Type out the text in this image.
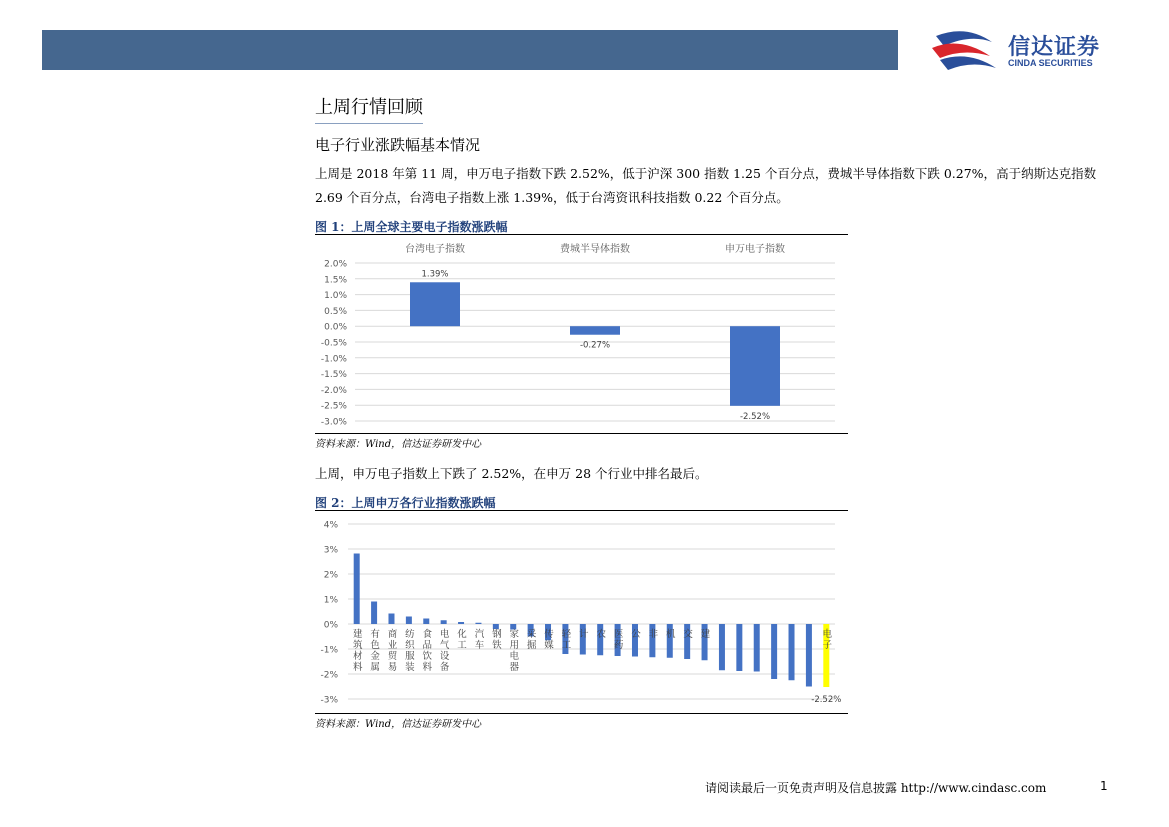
信达证券
CINDA SECURITIES
上周行情回顾
电子行业涨跌幅基本情况
上周是 2018 年第 11 周，申万电子指数下跌 2.52%，低于沪深 300 指数 1.25 个百分点，费城半导体指数下跌 0.27%，高于纳斯达克指数 2.69 个百分点，台湾电子指数上涨 1.39%，低于台湾资讯科技指数 0.22 个百分点。
图 1：上周全球主要电子指数涨跌幅
2.0%
1.5%
1.0%
0.5%
0.0%
-0.5%
-1.0%
-1.5%
-2.0%
-2.5%
-3.0%
台湾电子指数
1.39%
费城半导体指数
-0.27%
申万电子指数
-2.52%
资料来源：Wind，信达证券研发中心
上周，申万电子指数上下跌了 2.52%，在申万 28 个行业中排名最后。
图 2：上周申万各行业指数涨跌幅
4%
3%
2%
1%
0%
-1%
-2%
-3%
建
筑
材
料
有
色
金
属
商
业
贸
易
纺
织
服
装
食
品
饮
料
电
气
设
备
化
工
汽
车
钢
铁
家
用
电
器
采
掘
传
媒
轻
工
计 农 医
药
公 非 机 交 建	电
子
-2.52%
资料来源：Wind，信达证券研发中心
请阅读最后一页免责声明及信息披露 http://www.cindasc.com	1
